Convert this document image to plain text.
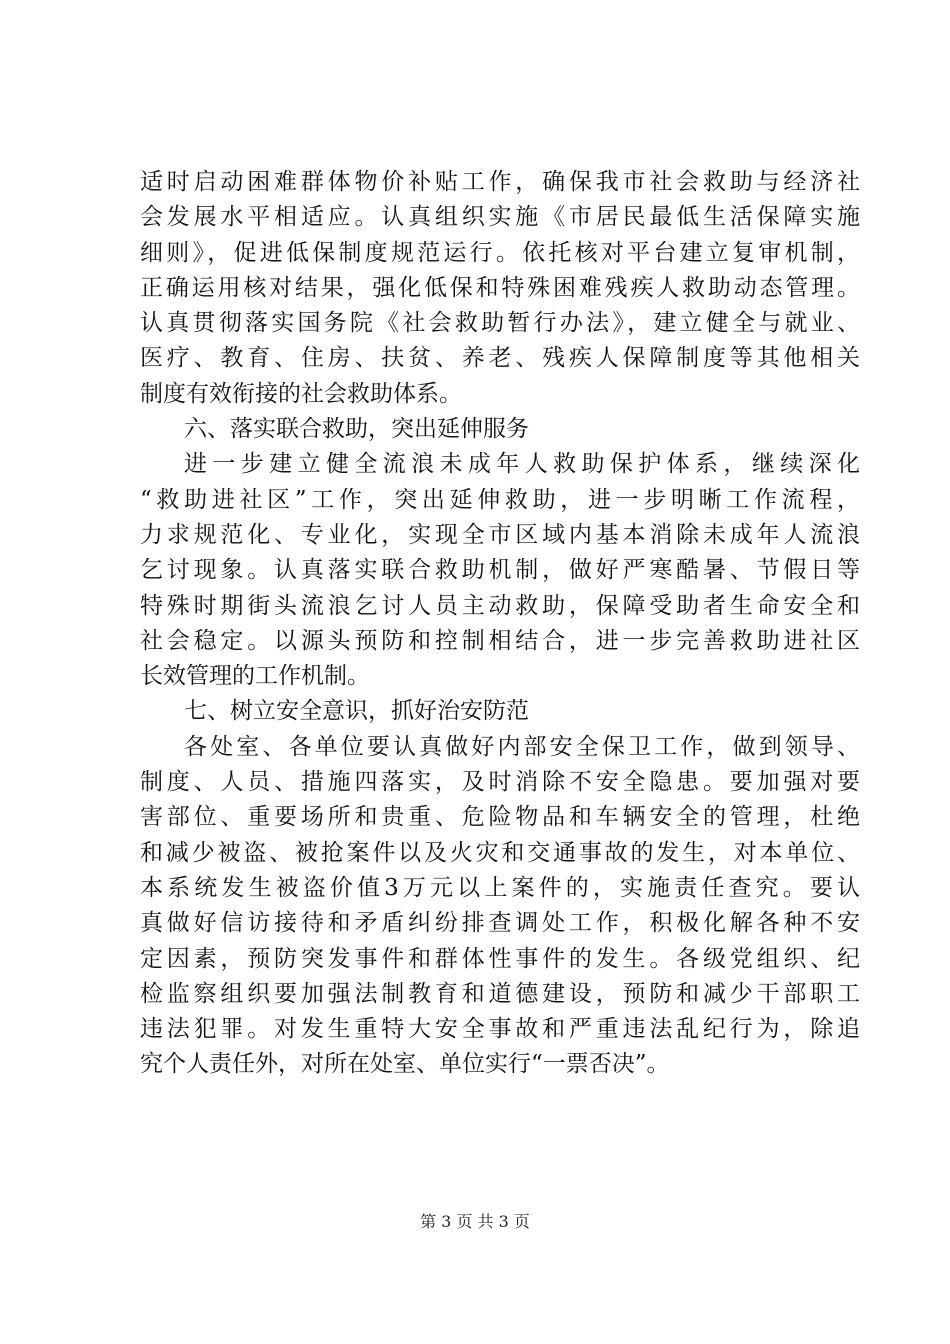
适时启动困难群体物价补贴工作，确保我市社会救助与经济社
会发展水平相适应。认真组织实施《市居民最低生活保障实施
细则》，促进低保制度规范运行。依托核对平台建立复审机制，
正确运用核对结果，强化低保和特殊困难残疾人救助动态管理。
认真贯彻落实国务院《社会救助暂行办法》，建立健全与就业、
医疗、教育、住房、扶贫、养老、残疾人保障制度等其他相关
制度有效衔接的社会救助体系。
六、落实联合救助，突出延伸服务
进一步建立健全流浪未成年人救助保护体系，继续深化
“救助进社区”工作，突出延伸救助，进一步明晰工作流程，
力求规范化、专业化，实现全市区域内基本消除未成年人流浪
乞讨现象。认真落实联合救助机制，做好严寒酷暑、节假日等
特殊时期街头流浪乞讨人员主动救助，保障受助者生命安全和
社会稳定。以源头预防和控制相结合，进一步完善救助进社区
长效管理的工作机制。
七、树立安全意识，抓好治安防范
各处室、各单位要认真做好内部安全保卫工作，做到领导、
制度、人员、措施四落实，及时消除不安全隐患。要加强对要
害部位、重要场所和贵重、危险物品和车辆安全的管理，杜绝
和减少被盗、被抢案件以及火灾和交通事故的发生，对本单位、
本系统发生被盗价值3万元以上案件的，实施责任查究。要认
真做好信访接待和矛盾纠纷排查调处工作，积极化解各种不安
定因素，预防突发事件和群体性事件的发生。各级党组织、纪
检监察组织要加强法制教育和道德建设，预防和减少干部职工
违法犯罪。对发生重特大安全事故和严重违法乱纪行为，除追
究个人责任外，对所在处室、单位实行“一票否决”。
第 3 页 共 3 页
